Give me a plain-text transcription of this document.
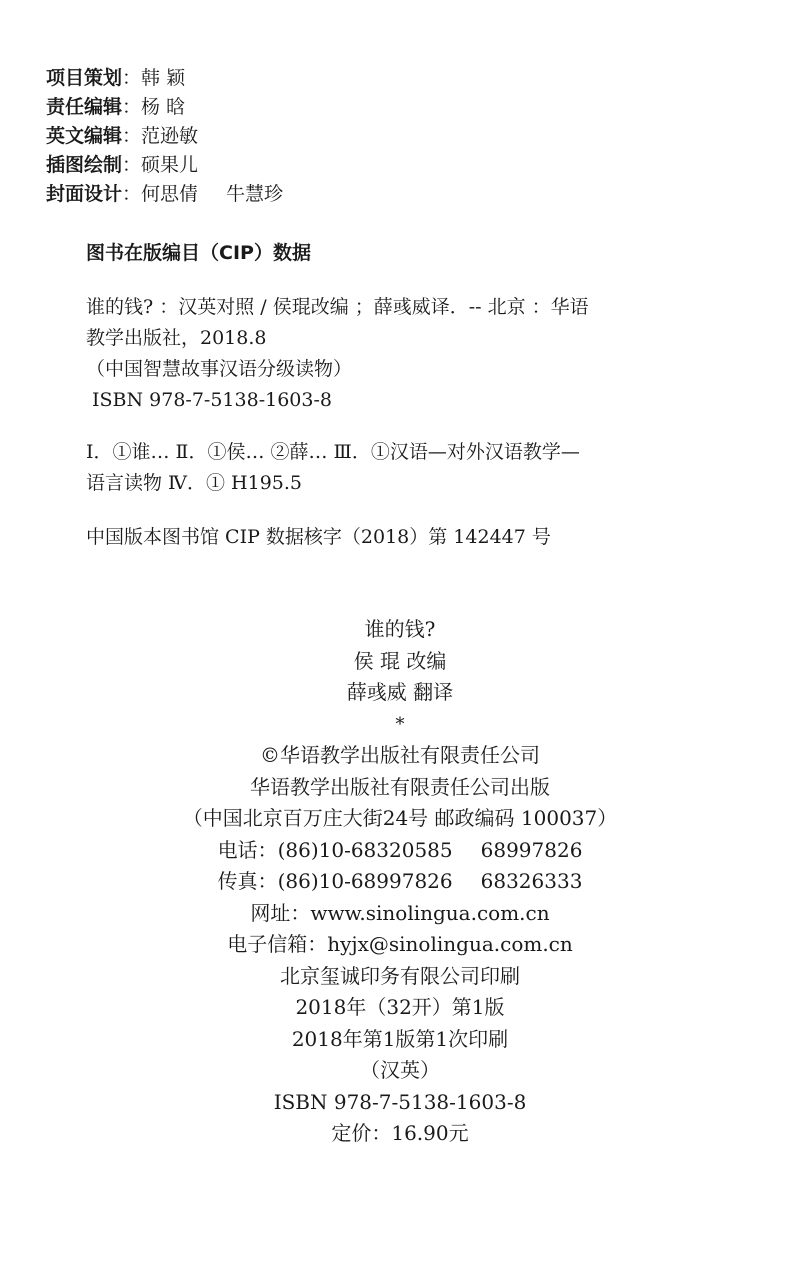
项目策划：韩 颖
责任编辑：杨 晗
英文编辑：范逊敏
插图绘制：硕果儿
封面设计：何思倩 牛慧珍
图书在版编目（CIP）数据
谁的钱? ：汉英对照 / 侯琨改编 ；薛彧威译．-- 北京 ：华语
教学出版社，2018.8
（中国智慧故事汉语分级读物）
ISBN 978-7-5138-1603-8
Ⅰ．①谁… Ⅱ．①侯… ②薛… Ⅲ．①汉语—对外汉语教学—
语言读物 Ⅳ．① H195.5
中国版本图书馆 CIP 数据核字（2018）第 142447 号
谁的钱?
侯 琨 改编
薛彧威 翻译
*
©华语教学出版社有限责任公司
华语教学出版社有限责任公司出版
（中国北京百万庄大街24号 邮政编码 100037）
电话：(86)10-68320585 68997826
传真：(86)10-68997826 68326333
网址：www.sinolingua.com.cn
电子信箱：hyjx@sinolingua.com.cn
北京玺诚印务有限公司印刷
2018年（32开）第1版
2018年第1版第1次印刷
（汉英）
ISBN 978-7-5138-1603-8
定价：16.90元
